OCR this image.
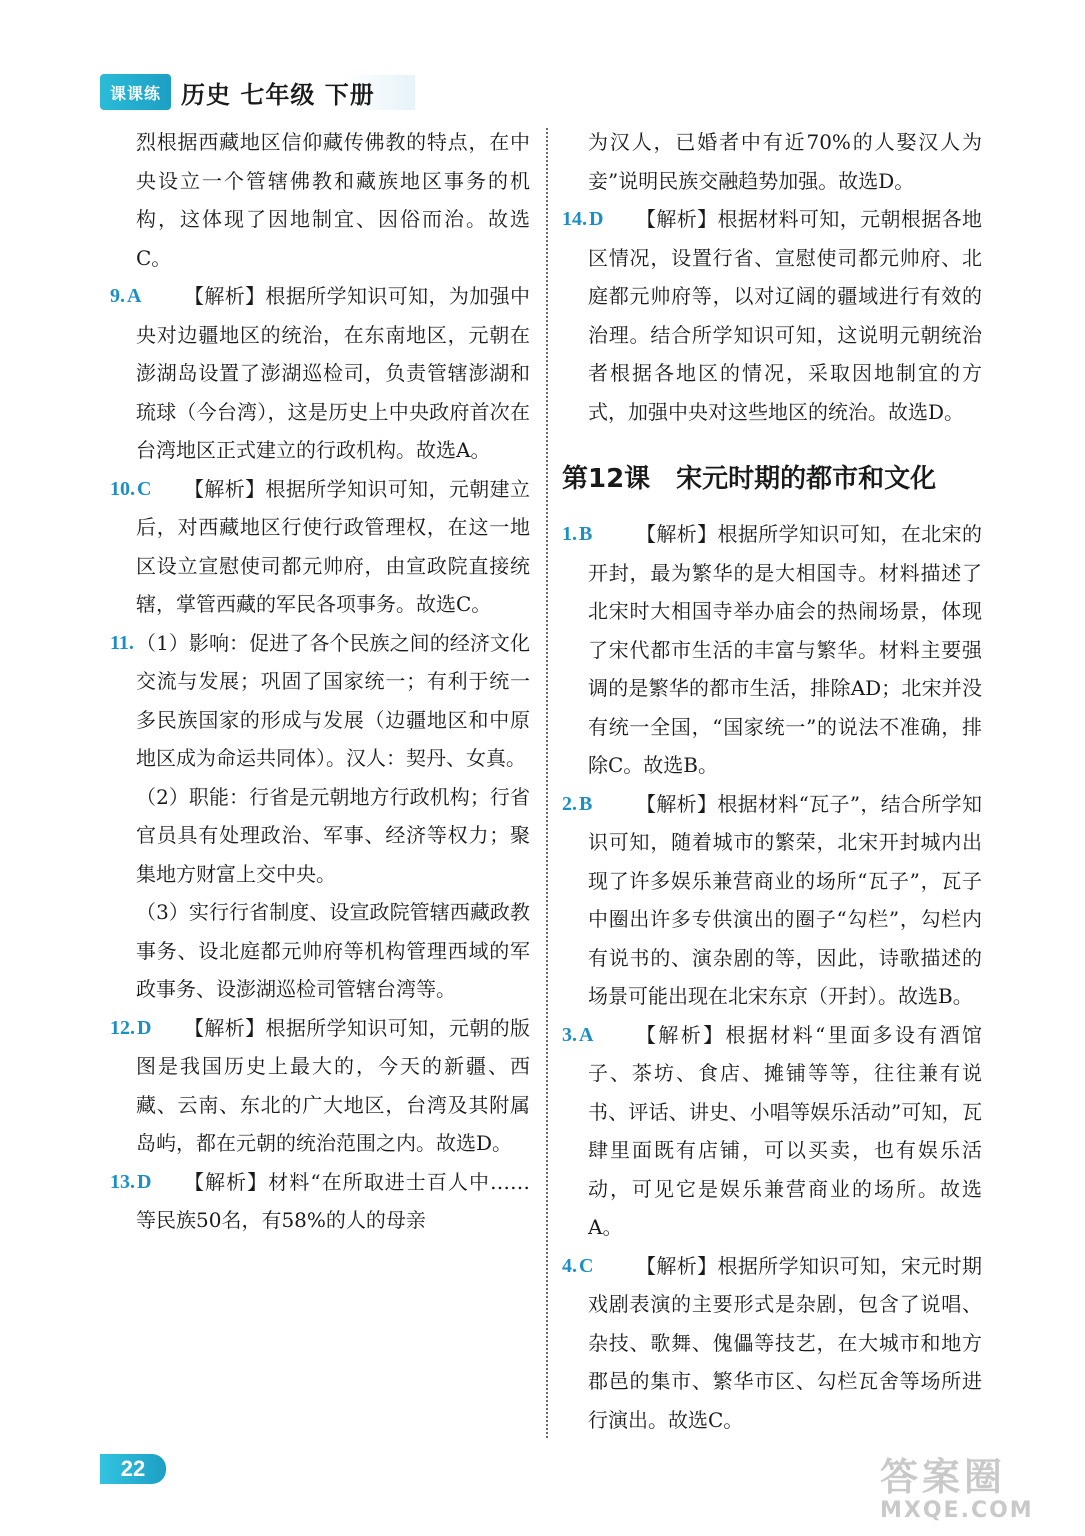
课课练 历史 七年级 下册

烈根据西藏地区信仰藏传佛教的特点，在中央设立一个管辖佛教和藏族地区事务的机构，这体现了因地制宜、因俗而治。故选C。

9. A	【解析】根据所学知识可知，为加强中央对边疆地区的统治，在东南地区，元朝在澎湖岛设置了澎湖巡检司，负责管辖澎湖和琉球（今台湾），这是历史上中央政府首次在台湾地区正式建立的行政机构。故选A。
10. C	【解析】根据所学知识可知，元朝建立后，对西藏地区行使行政管理权，在这一地区设立宣慰使司都元帅府，由宣政院直接统辖，掌管西藏的军民各项事务。故选C。
11. （1）影响：促进了各个民族之间的经济文化交流与发展；巩固了国家统一；有利于统一多民族国家的形成与发展（边疆地区和中原地区成为命运共同体）。汉人：契丹、女真。

（2）职能：行省是元朝地方行政机构；行省官员具有处理政治、军事、经济等权力；聚集地方财富上交中央。

（3）实行行省制度、设宣政院管辖西藏政教事务、设北庭都元帅府等机构管理西域的军政事务、设澎湖巡检司管辖台湾等。

12. D	【解析】根据所学知识可知，元朝的版图是我国历史上最大的，今天的新疆、西藏、云南、东北的广大地区，台湾及其附属岛屿，都在元朝的统治范围之内。故选D。
13. D	【解析】材料“在所取进士百人中……等民族50名，有58%的人的母亲

为汉人，已婚者中有近70%的人娶汉人为妾”说明民族交融趋势加强。故选D。

14. D	【解析】根据材料可知，元朝根据各地区情况，设置行省、宣慰使司都元帅府、北庭都元帅府等，以对辽阔的疆域进行有效的治理。结合所学知识可知，这说明元朝统治者根据各地区的情况，采取因地制宜的方式，加强中央对这些地区的统治。故选D。
第12课　宋元时期的都市和文化
1. B	【解析】根据所学知识可知，在北宋的开封，最为繁华的是大相国寺。材料描述了北宋时大相国寺举办庙会的热闹场景，体现了宋代都市生活的丰富与繁华。材料主要强调的是繁华的都市生活，排除AD；北宋并没有统一全国，“国家统一”的说法不准确，排除C。故选B。
2. B	【解析】根据材料“瓦子”，结合所学知识可知，随着城市的繁荣，北宋开封城内出现了许多娱乐兼营商业的场所“瓦子”，瓦子中圈出许多专供演出的圈子“勾栏”，勾栏内有说书的、演杂剧的等，因此，诗歌描述的场景可能出现在北宋东京（开封）。故选B。
3. A	【解析】根据材料“里面多设有酒馆子、茶坊、食店、摊铺等等，往往兼有说书、评话、讲史、小唱等娱乐活动”可知，瓦肆里面既有店铺，可以买卖，也有娱乐活动，可见它是娱乐兼营商业的场所。故选A。
4. C	【解析】根据所学知识可知，宋元时期戏剧表演的主要形式是杂剧，包含了说唱、杂技、歌舞、傀儡等技艺，在大城市和地方郡邑的集市、繁华市区、勾栏瓦舍等场所进行演出。故选C。
22	答案圈
MXQE.COM
